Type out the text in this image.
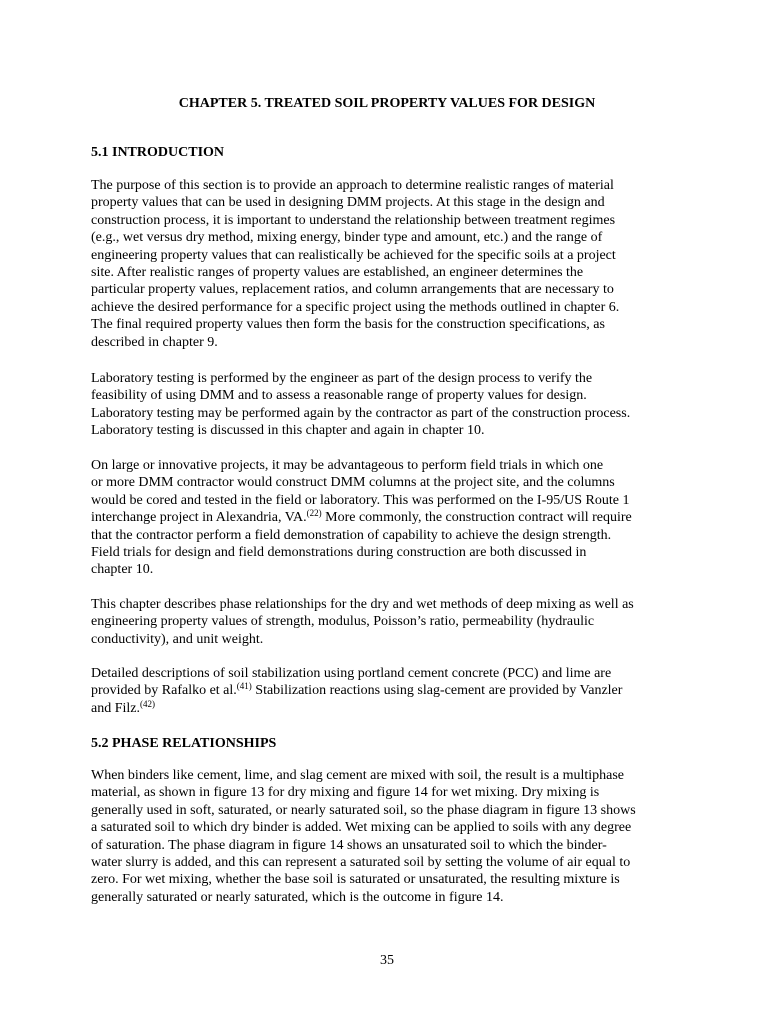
CHAPTER 5. TREATED SOIL PROPERTY VALUES FOR DESIGN
5.1 INTRODUCTION
The purpose of this section is to provide an approach to determine realistic ranges of material
property values that can be used in designing DMM projects. At this stage in the design and
construction process, it is important to understand the relationship between treatment regimes
(e.g., wet versus dry method, mixing energy, binder type and amount, etc.) and the range of
engineering property values that can realistically be achieved for the specific soils at a project
site. After realistic ranges of property values are established, an engineer determines the
particular property values, replacement ratios, and column arrangements that are necessary to
achieve the desired performance for a specific project using the methods outlined in chapter 6.
The final required property values then form the basis for the construction specifications, as
described in chapter 9.
Laboratory testing is performed by the engineer as part of the design process to verify the
feasibility of using DMM and to assess a reasonable range of property values for design.
Laboratory testing may be performed again by the contractor as part of the construction process.
Laboratory testing is discussed in this chapter and again in chapter 10.
On large or innovative projects, it may be advantageous to perform field trials in which one
or more DMM contractor would construct DMM columns at the project site, and the columns
would be cored and tested in the field or laboratory. This was performed on the I-95/US Route 1
interchange project in Alexandria, VA.$^{(22)}$ More commonly, the construction contract will require
that the contractor perform a field demonstration of capability to achieve the design strength.
Field trials for design and field demonstrations during construction are both discussed in
chapter 10.
This chapter describes phase relationships for the dry and wet methods of deep mixing as well as
engineering property values of strength, modulus, Poisson’s ratio, permeability (hydraulic
conductivity), and unit weight.
Detailed descriptions of soil stabilization using portland cement concrete (PCC) and lime are
provided by Rafalko et al.$^{(41)}$ Stabilization reactions using slag-cement are provided by Vanzler
and Filz.$^{(42)}$
5.2 PHASE RELATIONSHIPS
When binders like cement, lime, and slag cement are mixed with soil, the result is a multiphase
material, as shown in figure 13 for dry mixing and figure 14 for wet mixing. Dry mixing is
generally used in soft, saturated, or nearly saturated soil, so the phase diagram in figure 13 shows
a saturated soil to which dry binder is added. Wet mixing can be applied to soils with any degree
of saturation. The phase diagram in figure 14 shows an unsaturated soil to which the binder-
water slurry is added, and this can represent a saturated soil by setting the volume of air equal to
zero. For wet mixing, whether the base soil is saturated or unsaturated, the resulting mixture is
generally saturated or nearly saturated, which is the outcome in figure 14.
35
